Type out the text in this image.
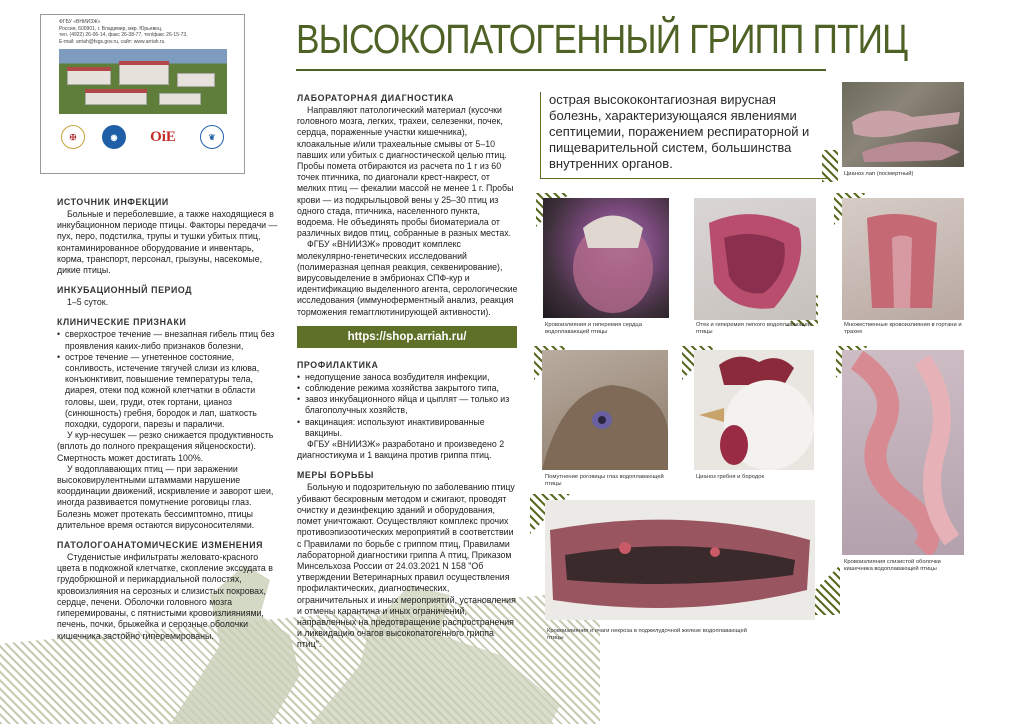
ФГБУ «ВНИИЗЖ»
Россия, 600901, г. Владимир, мкр. Юрьевец,
тел. (4922) 26-06-14, факс 26-38-77, тел/факс 26-15-73,
E-mail: arriah@fsgs.gov.ru, сайт: www.arriah.ru
✠	◉	OiE	❦
ВЫСОКОПАТОГЕННЫЙ ГРИПП ПТИЦ
острая высококонтагиозная вирусная болезнь, характеризующаяся явлениями септицемии, поражением респираторной и пищеварительной систем, большинства внутренних органов.
ИСТОЧНИК ИНФЕКЦИИ
Больные и переболевшие, а также находящиеся в инкубационном периоде птицы. Факторы передачи — пух, перо, подстилка, трупы и тушки убитых птиц, контаминированное оборудование и инвентарь, корма, транспорт, персонал, грызуны, насекомые, дикие птицы.
ИНКУБАЦИОННЫЙ ПЕРИОД
1–5 суток.
КЛИНИЧЕСКИЕ ПРИЗНАКИ
• сверхострое течение — внезапная гибель птиц без проявления каких-либо признаков болезни,
• острое течение — угнетенное состояние, сонливость, истечение тягучей слизи из клюва, конъюнктивит, повышение температуры тела, диарея, отеки под кожной клетчатки в области головы, шеи, груди, отек гортани, цианоз (синюшность) гребня, бородок и лап, шаткость походки, судороги, парезы и параличи.
У кур-несушек — резко снижается продуктивность (вплоть до полного прекращения яйценоскости). Смертность может достигать 100%.
У водоплавающих птиц — при заражении высоковирулентными штаммами нарушение координации движений, искривление и заворот шеи, иногда развивается помутнение роговицы глаз. Болезнь может протекать бессимптомно, птицы длительное время остаются вирусоносителями.
ПАТОЛОГОАНАТОМИЧЕСКИЕ ИЗМЕНЕНИЯ
Студенистые инфильтраты желовато-красного цвета в подкожной клетчатке, скопление экссудата в грудобрюшной и перикардиальной полостях, кровоизлияния на серозных и слизистых покровах, сердце, печени. Оболочки головного мозга гиперемированы, с пятнистыми кровоизлияниями, печень, почки, брыжейка и серозные оболочки кишечника застойно гиперемированы.
ЛАБОРАТОРНАЯ ДИАГНОСТИКА
Направляют патологический материал (кусочки головного мозга, легких, трахеи, селезенки, почек, сердца, пораженные участки кишечника), клоакальные и/или трахеальные смывы от 5–10 павших или убитых с диагностической целью птиц. Пробы помета отбираются из расчета по 1 г из 60 точек птичника, по диагонали крест-накрест, от мелких птиц — фекалии массой не менее 1 г. Пробы крови — из подкрыльцовой вены у 25–30 птиц из одного стада, птичника, населенного пункта, водоема. Не объединять пробы биоматериала от различных видов птиц, собранные в разных местах.
ФГБУ «ВНИИЗЖ» проводит комплекс молекулярно-генетических исследований (полимеразная цепная реакция, секвенирование), вирусовыделение в эмбрионах СПФ-кур и идентификацию выделенного агента, серологические исследования (иммуноферментный анализ, реакция торможения гемагглютинирующей активности).
https://shop.arriah.ru/
ПРОФИЛАКТИКА
• недопущение заноса возбудителя инфекции,
• соблюдение режима хозяйства закрытого типа,
• завоз инкубационного яйца и цыплят — только из благополучных хозяйств,
• вакцинация: используют инактивированные вакцины.
ФГБУ «ВНИИЗЖ» разработано и произведено 2 диагностикума и 1 вакцина против гриппа птиц.
МЕРЫ БОРЬБЫ
Больную и подозрительную по заболеванию птицу убивают бескровным методом и сжигают, проводят очистку и дезинфекцию зданий и оборудования, помет уничтожают. Осуществляют комплекс прочих противоэпизоотических мероприятий в соответствии с Правилами по борьбе с гриппом птиц, Правилами лабораторной диагностики гриппа А птиц, Приказом Минсельхоза России от 24.03.2021 N 158 "Об утверждении Ветеринарных правил осуществления профилактических, диагностических, ограничительных и иных мероприятий, установления и отмены карантина и иных ограничений, направленных на предотвращение распространения и ликвидацию очагов высокопатогенного гриппа птиц".
Цианоз лап (посмертный)
Кровоизлияния и гиперемия сердца водоплавающей птицы
Отек и гиперемия легкого водоплавающей птицы
Множественные кровоизлияния в гортани и трахее
Помутнение роговицы глаз водоплавающей птицы
Цианоз гребня и бородок
Кровоизлияния слизистой оболочки кишечника водоплавающей птицы
Кровоизлияния и очаги некроза в поджелудочной железе водоплавающей птицы
